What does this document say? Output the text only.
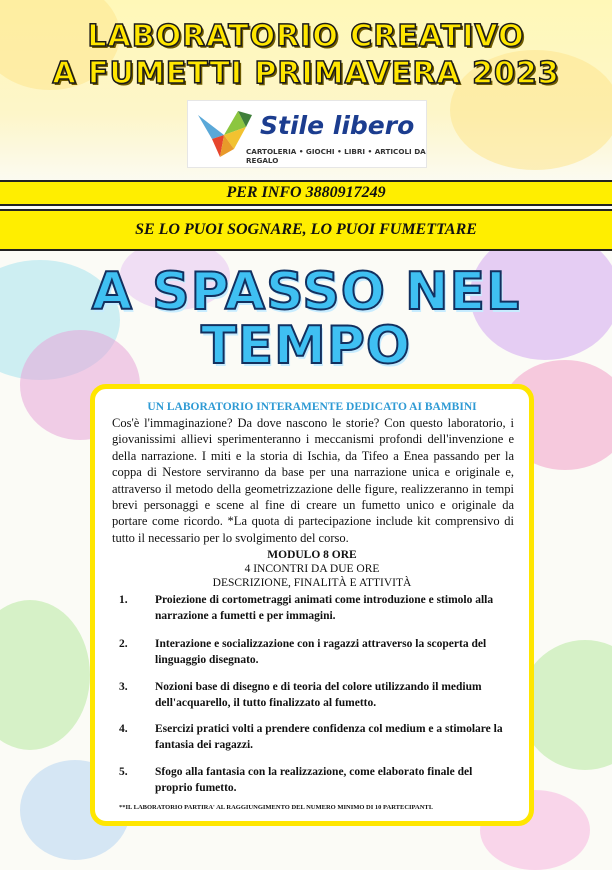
LABORATORIO CREATIVO
A FUMETTI PRIMAVERA 2023
Stile libero
CARTOLERIA • GIOCHI • LIBRI • ARTICOLI DA REGALO
PER INFO 3880917249
SE LO PUOI SOGNARE, LO PUOI FUMETTARE
A SPASSO NEL
TEMPO
UN LABORATORIO INTERAMENTE DEDICATO AI BAMBINI
Cos'è l'immaginazione? Da dove nascono le storie? Con questo laboratorio, i giovanissimi allievi sperimenteranno i meccanismi profondi dell'invenzione e della narrazione. I miti e la storia di Ischia, da Tifeo a Enea passando per la coppa di Nestore serviranno da base per una narrazione unica e originale e, attraverso il metodo della geometrizzazione delle figure, realizzeranno in tempi brevi personaggi e scene al fine di creare un fumetto unico e originale da portare come ricordo. *La quota di partecipazione include kit comprensivo di tutto il necessario per lo svolgimento del corso.
MODULO 8 ORE
4 INCONTRI DA DUE ORE
DESCRIZIONE, FINALITÀ E ATTIVITÀ
1. Proiezione di cortometraggi animati come introduzione e stimolo alla narrazione a fumetti e per immagini.
2. Interazione e socializzazione con i ragazzi attraverso la scoperta del linguaggio disegnato.
3. Nozioni base di disegno e di teoria del colore utilizzando il medium dell'acquarello, il tutto finalizzato al fumetto.
4. Esercizi pratici volti a prendere confidenza col medium e a stimolare la fantasia dei ragazzi.
5. Sfogo alla fantasia con la realizzazione, come elaborato finale del proprio fumetto.
**IL LABORATORIO PARTIRA' AL RAGGIUNGIMENTO DEL NUMERO MINIMO DI 10 PARTECIPANTI.
